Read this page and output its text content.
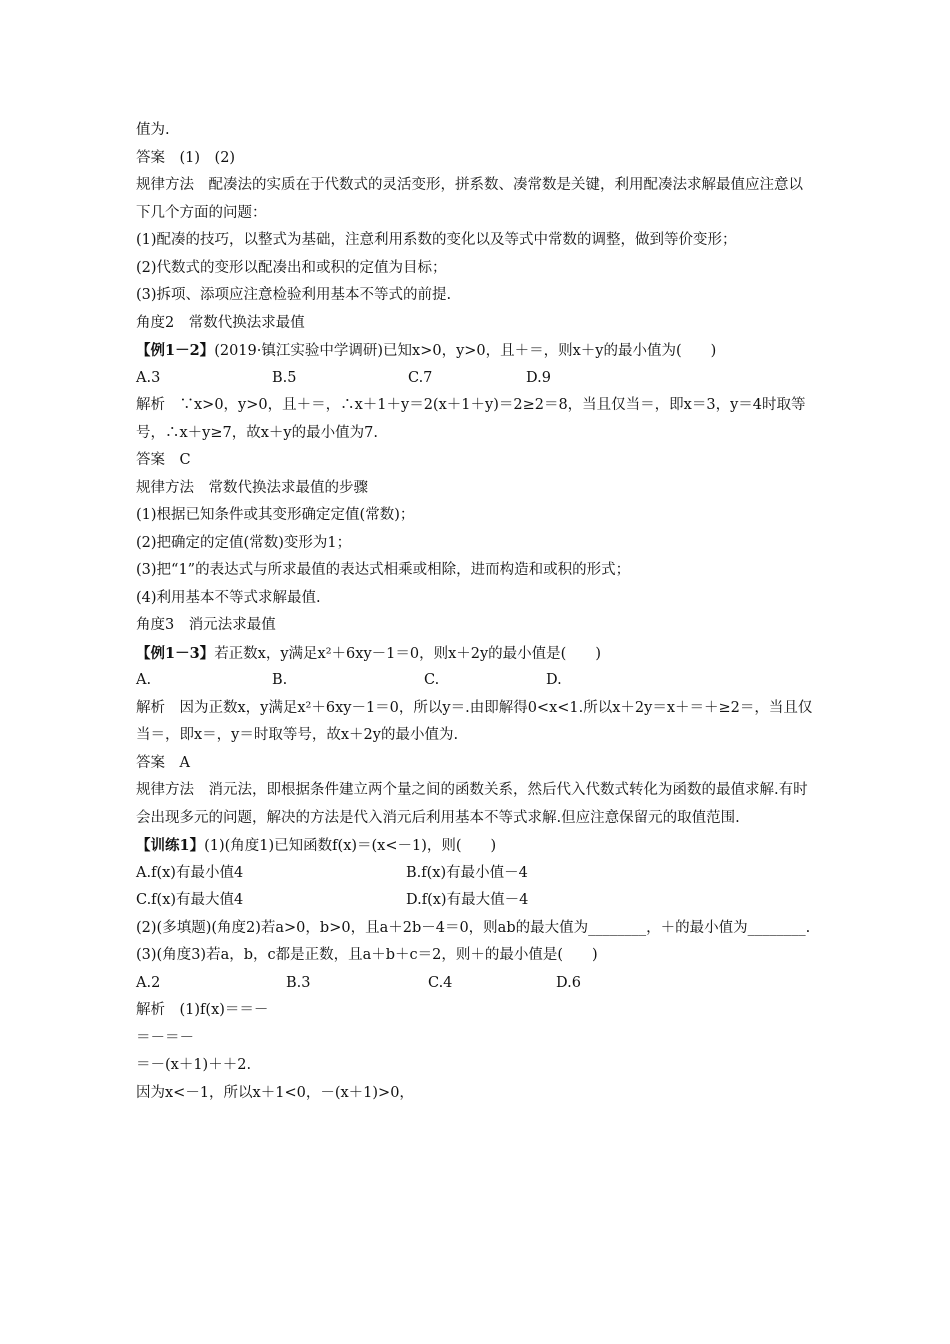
值为.
答案　(1)　(2)
规律方法　配凑法的实质在于代数式的灵活变形，拼系数、凑常数是关键，利用配凑法求解最值应注意以下几个方面的问题：
(1)配凑的技巧，以整式为基础，注意利用系数的变化以及等式中常数的调整，做到等价变形；
(2)代数式的变形以配凑出和或积的定值为目标；
(3)拆项、添项应注意检验利用基本不等式的前提.
角度2　常数代换法求最值
【例1－2】(2019·镇江实验中学调研)已知x>0，y>0，且＋＝，则x＋y的最小值为(　　)
A.3	B.5	C.7	D.9
解析　∵x>0，y>0，且＋＝，∴x＋1＋y＝2(x＋1＋y)＝2≥2＝8，当且仅当＝，即x＝3，y＝4时取等号，∴x＋y≥7，故x＋y的最小值为7.
答案　C
规律方法　常数代换法求最值的步骤
(1)根据已知条件或其变形确定定值(常数)；
(2)把确定的定值(常数)变形为1；
(3)把“1”的表达式与所求最值的表达式相乘或相除，进而构造和或积的形式；
(4)利用基本不等式求解最值.
角度3　消元法求最值
【例1－3】若正数x，y满足x²＋6xy－1＝0，则x＋2y的最小值是(　　)
A.	B.	C.	D.
解析　因为正数x，y满足x²＋6xy－1＝0，所以y＝.由即解得0<x<1.所以x＋2y＝x＋＝＋≥2＝，当且仅当＝，即x＝，y＝时取等号，故x＋2y的最小值为.
答案　A
规律方法　消元法，即根据条件建立两个量之间的函数关系，然后代入代数式转化为函数的最值求解.有时会出现多元的问题，解决的方法是代入消元后利用基本不等式求解.但应注意保留元的取值范围.
【训练1】(1)(角度1)已知函数f(x)＝(x<－1)，则(　　)
A.f(x)有最小值4	B.f(x)有最小值－4
C.f(x)有最大值4	D.f(x)有最大值－4
(2)(多填题)(角度2)若a>0，b>0，且a＋2b－4＝0，则ab的最大值为________，＋的最小值为________.
(3)(角度3)若a，b，c都是正数，且a＋b＋c＝2，则＋的最小值是(　　)
A.2	B.3	C.4	D.6
解析　(1)f(x)＝＝－
＝－＝－
＝－(x＋1)＋＋2.
因为x<－1，所以x＋1<0，－(x＋1)>0，
